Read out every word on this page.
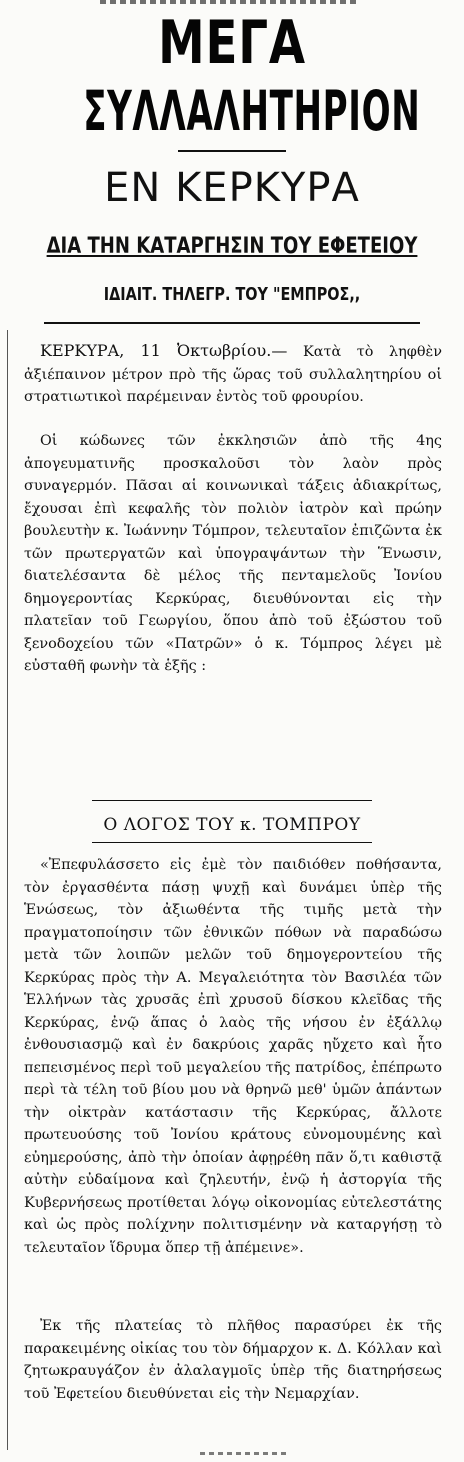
ΜΕΓΑ
ΣΥΛΛΑΛΗΤΗΡΙΟΝ
ΕΝ ΚΕΡΚΥΡΑ
ΔΙΑ ΤΗΝ ΚΑΤΑΡΓΗΣΙΝ ΤΟΥ ΕΦΕΤΕΙΟΥ
ΙΔΙΑΙΤ. ΤΗΛΕΓΡ. ΤΟΥ "ΕΜΠΡΟΣ,,

ΚΕΡΚΥΡΑ, 11 Ὀκτωβρίου.— Κατὰ τὸ ληφθὲν ἀξιέπαινον μέτρον πρὸ τῆς ὥρας τοῦ συλλαλητηρίου οἱ στρατιωτικοὶ παρέμειναν ἐντὸς τοῦ φρουρίου.

Οἱ κώδωνες τῶν ἐκκλησιῶν ἀπὸ τῆς 4ης ἀπογευματινῆς προσκαλοῦσι τὸν λαὸν πρὸς συναγερμόν. Πᾶσαι αἱ κοινωνικαὶ τάξεις ἀδιακρίτως, ἔχουσαι ἐπὶ κεφαλῆς τὸν πολιὸν ἰατρὸν καὶ πρώην βουλευτὴν κ. Ἰωάννην Τόμπρον, τελευταῖον ἐπιζῶντα ἐκ τῶν πρωτεργατῶν καὶ ὑπογραψάντων τὴν Ἕνωσιν, διατελέσαντα δὲ μέλος τῆς πενταμελοῦς Ἰονίου δημογεροντίας Κερκύρας, διευθύνονται εἰς τὴν πλατεῖαν τοῦ Γεωργίου, ὅπου ἀπὸ τοῦ ἐξώστου τοῦ ξενοδοχείου τῶν «Πατρῶν» ὁ κ. Τόμπρος λέγει μὲ εὐσταθῆ φωνὴν τὰ ἑξῆς :

Ο ΛΟΓΟΣ ΤΟΥ κ. ΤΟΜΠΡΟΥ

«Ἐπεφυλάσσετο εἰς ἐμὲ τὸν παιδιόθεν ποθήσαντα, τὸν ἐργασθέντα πάσῃ ψυχῇ καὶ δυνάμει ὑπὲρ τῆς Ἑνώσεως, τὸν ἀξιωθέντα τῆς τιμῆς μετὰ τὴν πραγματοποίησιν τῶν ἐθνικῶν πόθων νὰ παραδώσω μετὰ τῶν λοιπῶν μελῶν τοῦ δημογεροντείου τῆς Κερκύρας πρὸς τὴν Α. Μεγαλειότητα τὸν Βασιλέα τῶν Ἑλλήνων τὰς χρυσᾶς ἐπὶ χρυσοῦ δίσκου κλεῖδας τῆς Κερκύρας, ἐνῷ ἅπας ὁ λαὸς τῆς νήσου ἐν ἐξάλλῳ ἐνθουσιασμῷ καὶ ἐν δακρύοις χαρᾶς ηὔχετο καὶ ἦτο πεπεισμένος περὶ τοῦ μεγαλείου τῆς πατρίδος, ἐπέπρωτο περὶ τὰ τέλη τοῦ βίου μου νὰ θρηνῶ μεθ' ὑμῶν ἁπάντων τὴν οἰκτρὰν κατάστασιν τῆς Κερκύρας, ἄλλοτε πρωτευούσης τοῦ Ἰονίου κράτους εὐνομουμένης καὶ εὐημερούσης, ἀπὸ τὴν ὁποίαν ἀφῃρέθη πᾶν ὅ,τι καθιστᾷ αὐτὴν εὐδαίμονα καὶ ζηλευτήν, ἐνῷ ἡ ἀστοργία τῆς Κυβερνήσεως προτίθεται λόγῳ οἰκονομίας εὐτελεστάτης καὶ ὡς πρὸς πολίχνην πολιτισμένην νὰ καταργήσῃ τὸ τελευταῖον ἵδρυμα ὅπερ τῇ ἀπέμεινε».

Ἐκ τῆς πλατείας τὸ πλῆθος παρασύρει ἐκ τῆς παρακειμένης οἰκίας του τὸν δήμαρχον κ. Δ. Κόλλαν καὶ ζητωκραυγάζον ἐν ἀλαλαγμοῖς ὑπὲρ τῆς διατηρήσεως τοῦ Ἐφετείου διευθύνεται εἰς τὴν Νεμαρχίαν.
